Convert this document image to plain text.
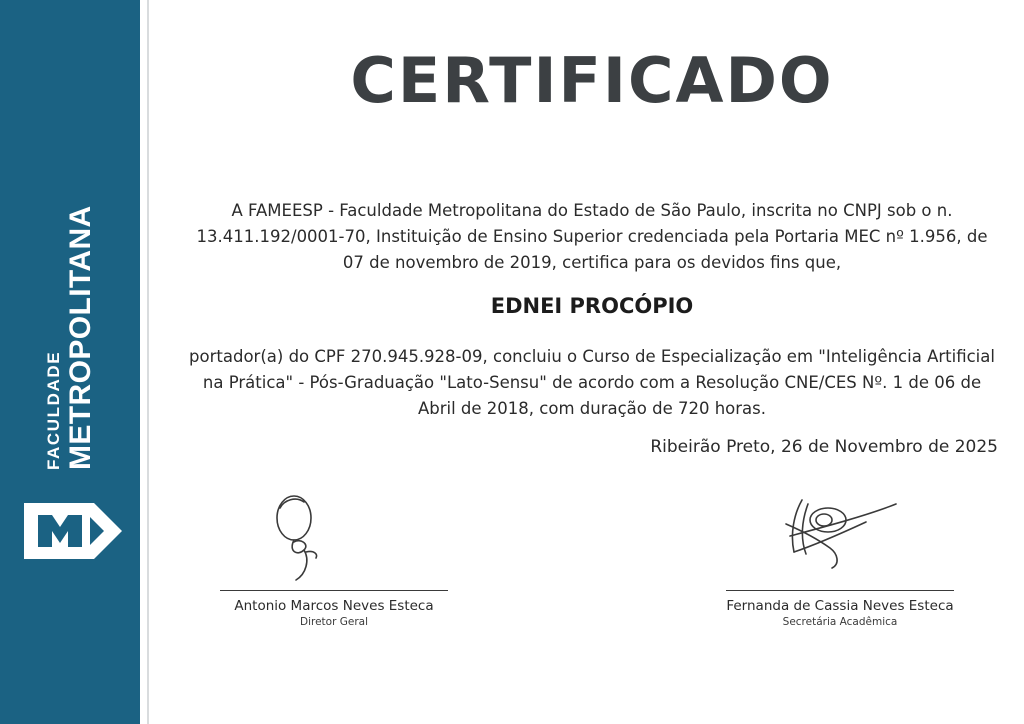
FACULDADE METROPOLITANA
CERTIFICADO
A FAMEESP - Faculdade Metropolitana do Estado de São Paulo, inscrita no CNPJ sob o n. 13.411.192/0001-70, Instituição de Ensino Superior credenciada pela Portaria MEC nº 1.956, de 07 de novembro de 2019, certifica para os devidos fins que,
EDNEI PROCÓPIO
portador(a) do CPF 270.945.928-09, concluiu o Curso de Especialização em "Inteligência Artificial na Prática" - Pós-Graduação "Lato-Sensu" de acordo com a Resolução CNE/CES Nº. 1 de 06 de Abril de 2018, com duração de 720 horas.
Ribeirão Preto, 26 de Novembro de 2025
Antonio Marcos Neves Esteca
Diretor Geral
Fernanda de Cassia Neves Esteca
Secretária Acadêmica
